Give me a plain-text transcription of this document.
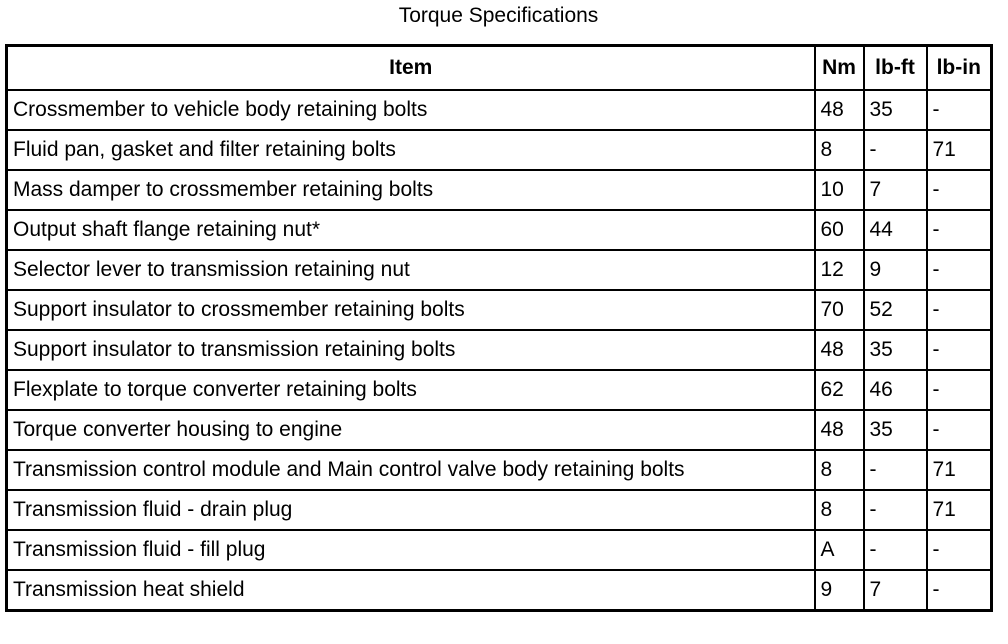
Torque Specifications
Item	Nm	lb-ft	lb-in
Crossmember to vehicle body retaining bolts	48	35	-
Fluid pan, gasket and filter retaining bolts	8	-	71
Mass damper to crossmember retaining bolts	10	7	-
Output shaft flange retaining nut*	60	44	-
Selector lever to transmission retaining nut	12	9	-
Support insulator to crossmember retaining bolts	70	52	-
Support insulator to transmission retaining bolts	48	35	-
Flexplate to torque converter retaining bolts	62	46	-
Torque converter housing to engine	48	35	-
Transmission control module and Main control valve body retaining bolts	8	-	71
Transmission fluid - drain plug	8	-	71
Transmission fluid - fill plug	A	-	-
Transmission heat shield	9	7	-
